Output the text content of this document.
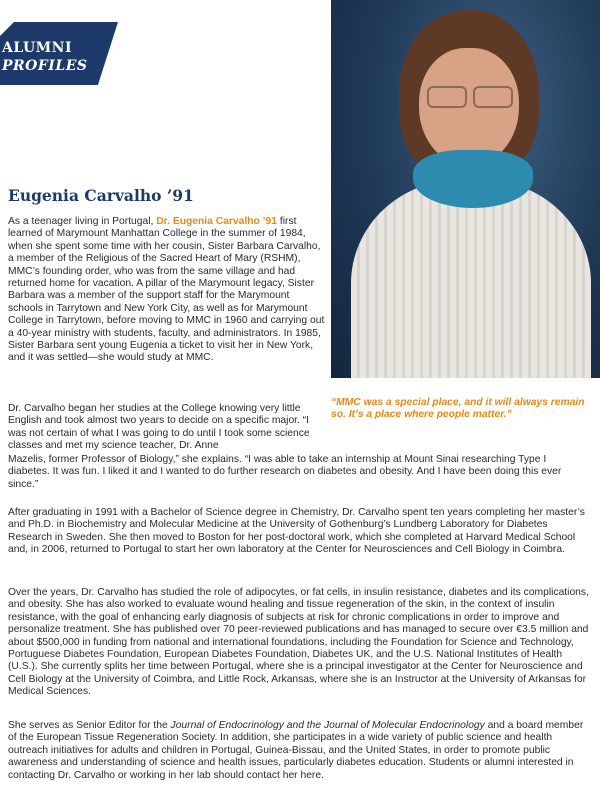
ALUMNI
PROFILES
Eugenia Carvalho ’91

As a teenager living in Portugal, Dr. Eugenia Carvalho ’91 first learned of Marymount Manhattan College in the summer of 1984, when she spent some time with her cousin, Sister Barbara Carvalho, a member of the Religious of the Sacred Heart of Mary (RSHM), MMC’s founding order, who was from the same village and had returned home for vacation. A pillar of the Marymount legacy, Sister Barbara was a member of the support staff for the Marymount schools in Tarrytown and New York City, as well as for Marymount College in Tarrytown, before moving to MMC in 1960 and carrying out a 40-year ministry with students, faculty, and administrators. In 1985, Sister Barbara sent young Eugenia a ticket to visit her in New York, and it was settled—she would study at MMC.

“MMC was a special place, and it will always remain so. It’s a place where people matter.”

Dr. Carvalho began her studies at the College knowing very little English and took almost two years to decide on a specific major. “I was not certain of what I was going to do until I took some science classes and met my science teacher, Dr. Anne

Mazelis, former Professor of Biology,” she explains. “I was able to take an internship at Mount Sinai researching Type I diabetes. It was fun. I liked it and I wanted to do further research on diabetes and obesity. And I have been doing this ever since.”

After graduating in 1991 with a Bachelor of Science degree in Chemistry, Dr. Carvalho spent ten years completing her master’s and Ph.D. in Biochemistry and Molecular Medicine at the University of Gothenburg’s Lundberg Laboratory for Diabetes Research in Sweden. She then moved to Boston for her post-doctoral work, which she completed at Harvard Medical School and, in 2006, returned to Portugal to start her own laboratory at the Center for Neurosciences and Cell Biology in Coimbra.

Over the years, Dr. Carvalho has studied the role of adipocytes, or fat cells, in insulin resistance, diabetes and its complications, and obesity. She has also worked to evaluate wound healing and tissue regeneration of the skin, in the context of insulin resistance, with the goal of enhancing early diagnosis of subjects at risk for chronic complications in order to improve and personalize treatment. She has published over 70 peer-reviewed publications and has managed to secure over €3.5 million and about $500,000 in funding from national and international foundations, including the Foundation for Science and Technology, Portuguese Diabetes Foundation, European Diabetes Foundation, Diabetes UK, and the U.S. National Institutes of Health (U.S.). She currently splits her time between Portugal, where she is a principal investigator at the Center for Neuroscience and Cell Biology at the University of Coimbra, and Little Rock, Arkansas, where she is an Instructor at the University of Arkansas for Medical Sciences.

She serves as Senior Editor for the Journal of Endocrinology and the Journal of Molecular Endocrinology and a board member of the European Tissue Regeneration Society. In addition, she participates in a wide variety of public science and health outreach initiatives for adults and children in Portugal, Guinea-Bissau, and the United States, in order to promote public awareness and understanding of science and health issues, particularly diabetes education. Students or alumni interested in contacting Dr. Carvalho or working in her lab should contact her here.
